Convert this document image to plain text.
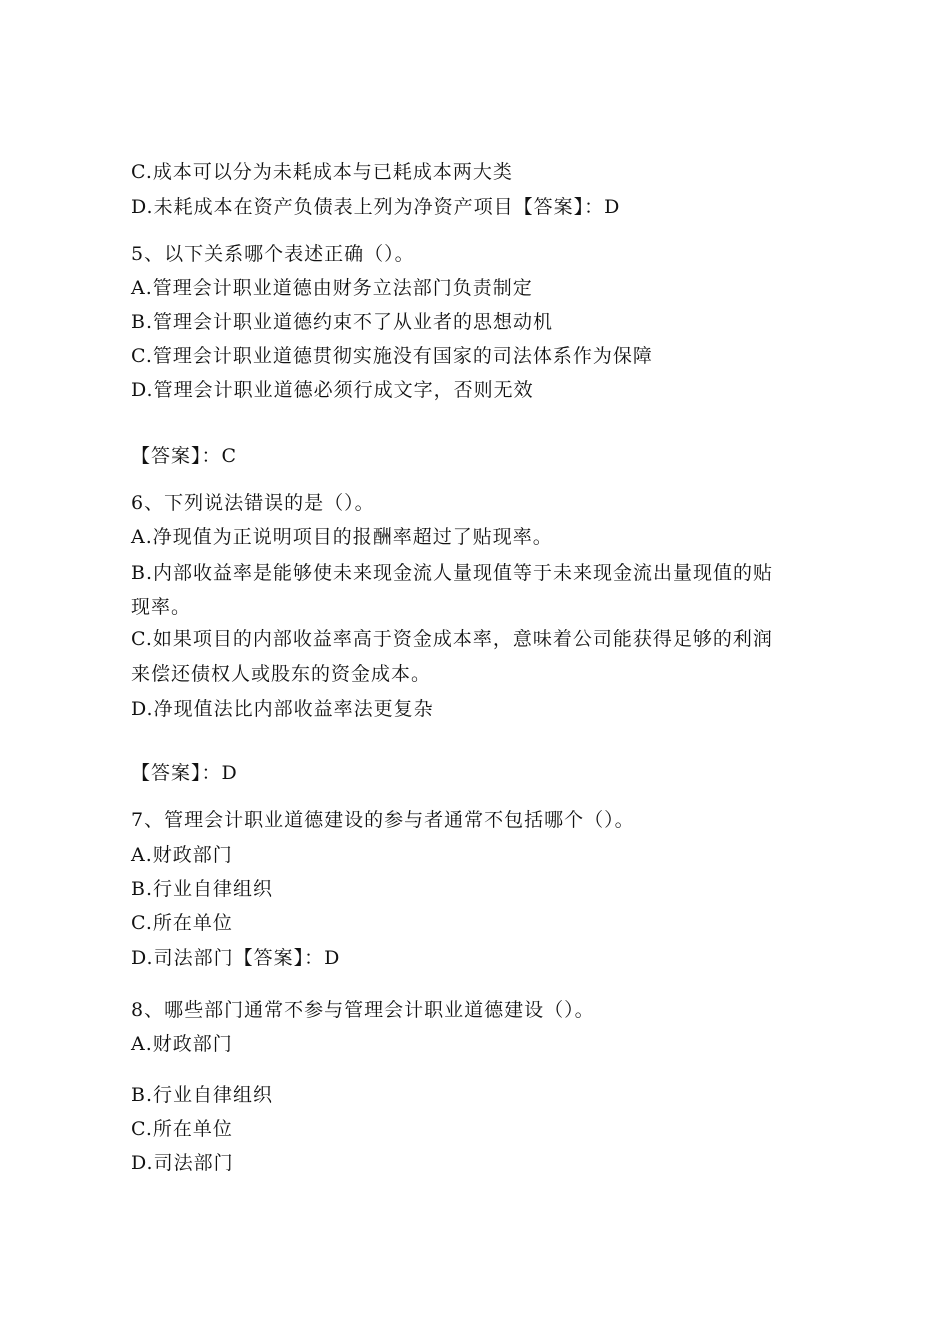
C.成本可以分为未耗成本与已耗成本两大类
D.未耗成本在资产负债表上列为净资产项目【答案】：D
5、以下关系哪个表述正确（）。
A.管理会计职业道德由财务立法部门负责制定
B.管理会计职业道德约束不了从业者的思想动机
C.管理会计职业道德贯彻实施没有国家的司法体系作为保障
D.管理会计职业道德必须行成文字，否则无效
【答案】：C
6、下列说法错误的是（）。
A.净现值为正说明项目的报酬率超过了贴现率。
B.内部收益率是能够使未来现金流人量现值等于未来现金流出量现值的贴
现率。
C.如果项目的内部收益率高于资金成本率，意味着公司能获得足够的利润
来偿还债权人或股东的资金成本。
D.净现值法比内部收益率法更复杂
【答案】：D
7、管理会计职业道德建设的参与者通常不包括哪个（）。
A.财政部门
B.行业自律组织
C.所在单位
D.司法部门【答案】：D
8、哪些部门通常不参与管理会计职业道德建设（）。
A.财政部门
B.行业自律组织
C.所在单位
D.司法部门
